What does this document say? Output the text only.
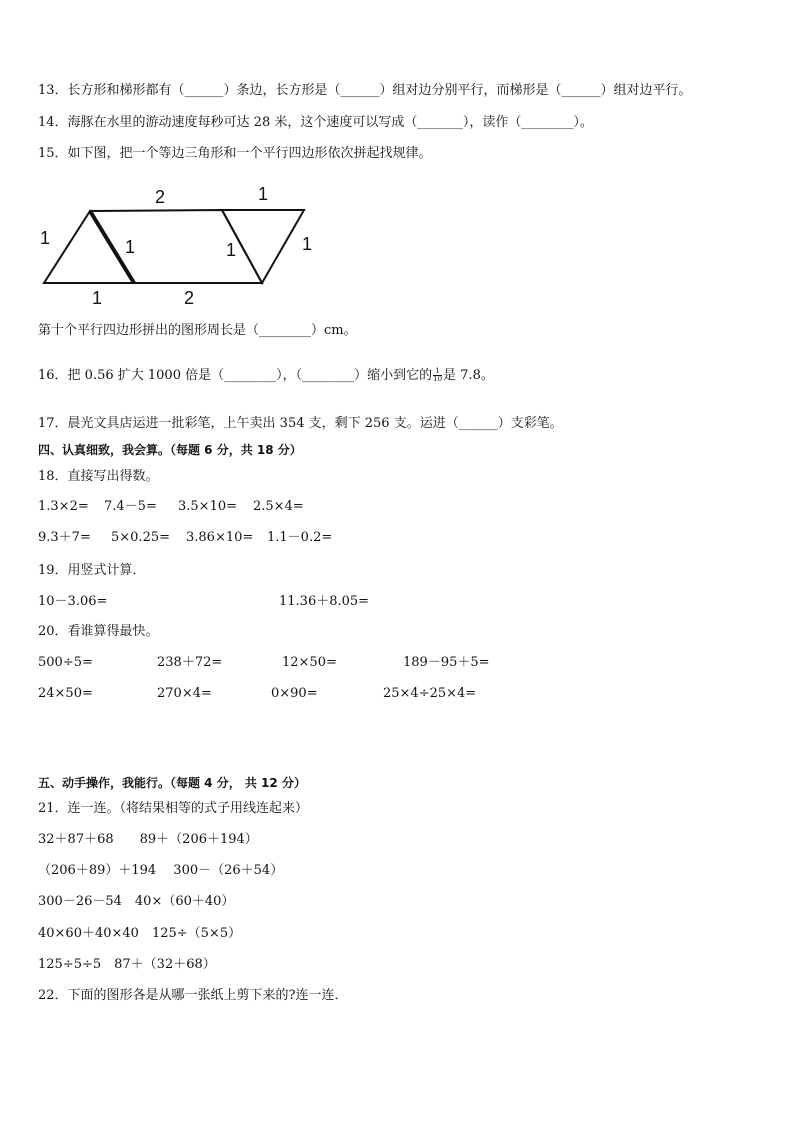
13．长方形和梯形都有（______）条边，长方形是（______）组对边分别平行，而梯形是（______）组对边平行。
14．海豚在水里的游动速度每秒可达 28 米，这个速度可以写成（_______），读作（________）。
15．如下图，把一个等边三角形和一个平行四边形依次拼起找规律。
2	1
1	1	1	1
1	2
第十个平行四边形拼出的图形周长是（________）cm。
16．把 0.56 扩大 1000 倍是（________），（________）缩小到它的 $\frac{1}{10}$ 是 7.8。
17．晨光文具店运进一批彩笔，上午卖出 354 支，剩下 256 支。运进（______）支彩笔。
四、认真细致，我会算。（每题 6 分，共 18 分）
18．直接写出得数。
1.3×2= 7.4－5= 3.5×10= 2.5×4=
9.3＋7= 5×0.25= 3.86×10= 1.1－0.2=
19．用竖式计算．
10－3.06=	11.36＋8.05=
20．看谁算得最快。
500÷5=	238＋72=	12×50=	189－95＋5=
24×50=	270×4=	0×90=	25×4÷25×4=
五、动手操作，我能行。（每题 4 分， 共 12 分）
21．连一连。（将结果相等的式子用线连起来）
32＋87＋68　　89＋（206＋194）
（206＋89）＋194　 300－（26＋54）
300－26－54　40×（60＋40）
40×60＋40×40　125÷（5×5）
125÷5÷5　87＋（32＋68）
22．下面的图形各是从哪一张纸上剪下来的?连一连．
